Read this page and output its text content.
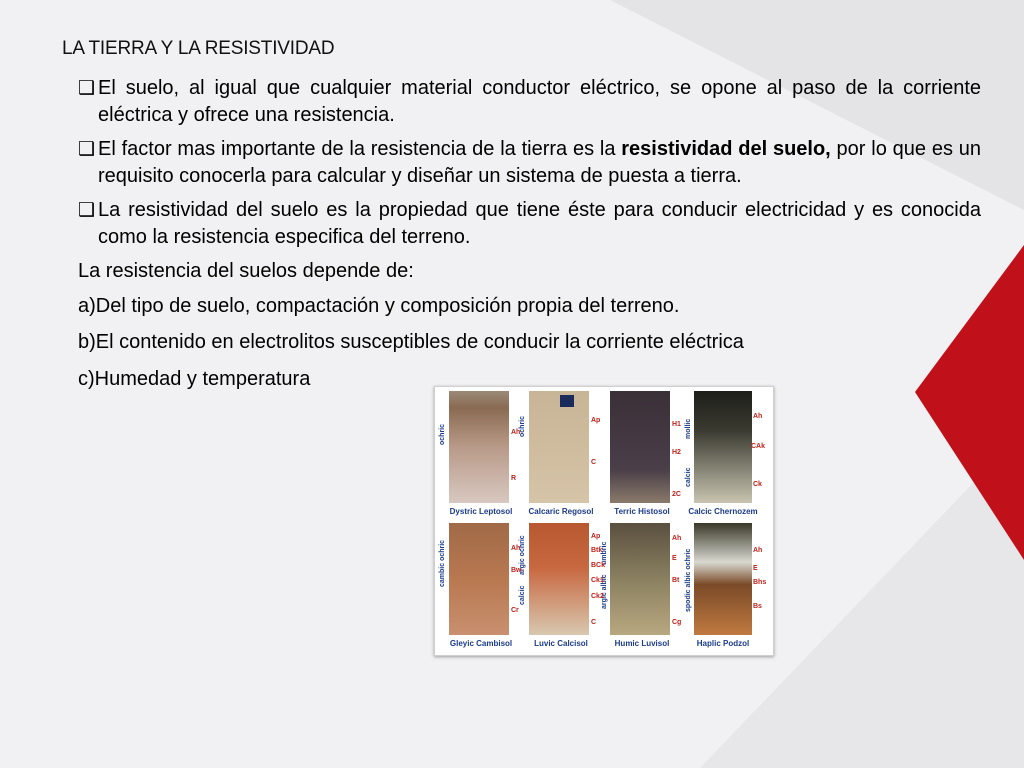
LA TIERRA Y LA RESISTIVIDAD
❑ El suelo, al igual que cualquier material conductor eléctrico, se opone al paso de la corriente eléctrica y ofrece una resistencia.
❑ El factor mas importante de la resistencia de la tierra es la resistividad del suelo, por lo que es un requisito conocerla para calcular y diseñar un sistema de puesta a tierra.
❑ La resistividad del suelo es la propiedad que tiene éste para conducir electricidad y es conocida como la resistencia especifica del terreno.
La resistencia del suelos depende de:
a)Del tipo de suelo, compactación y composición propia del terreno.
b)El contenido en electrolitos susceptibles de conducir la corriente eléctrica
c)Humedad y temperatura
Dystric Leptosol	Calcaric Regosol	Terric Histosol	Calcic Chernozem
Gleyic Cambisol	Luvic Calcisol	Humic Luvisol	Haplic Podzol
ochric	ochric	mollic
calcic
cambic ochric	argic ochric
calcic
umbric
argic albic	spodic albic ochric
Ah
R
Ap
C
H1
H2
2C
Ah
CAk
Ck
Ah
Bw
Cr
Ap
Btk
BCk
Ck1
Ck2
C
Ah
E
Bt
Cg
Ah
E
Bhs
Bs
